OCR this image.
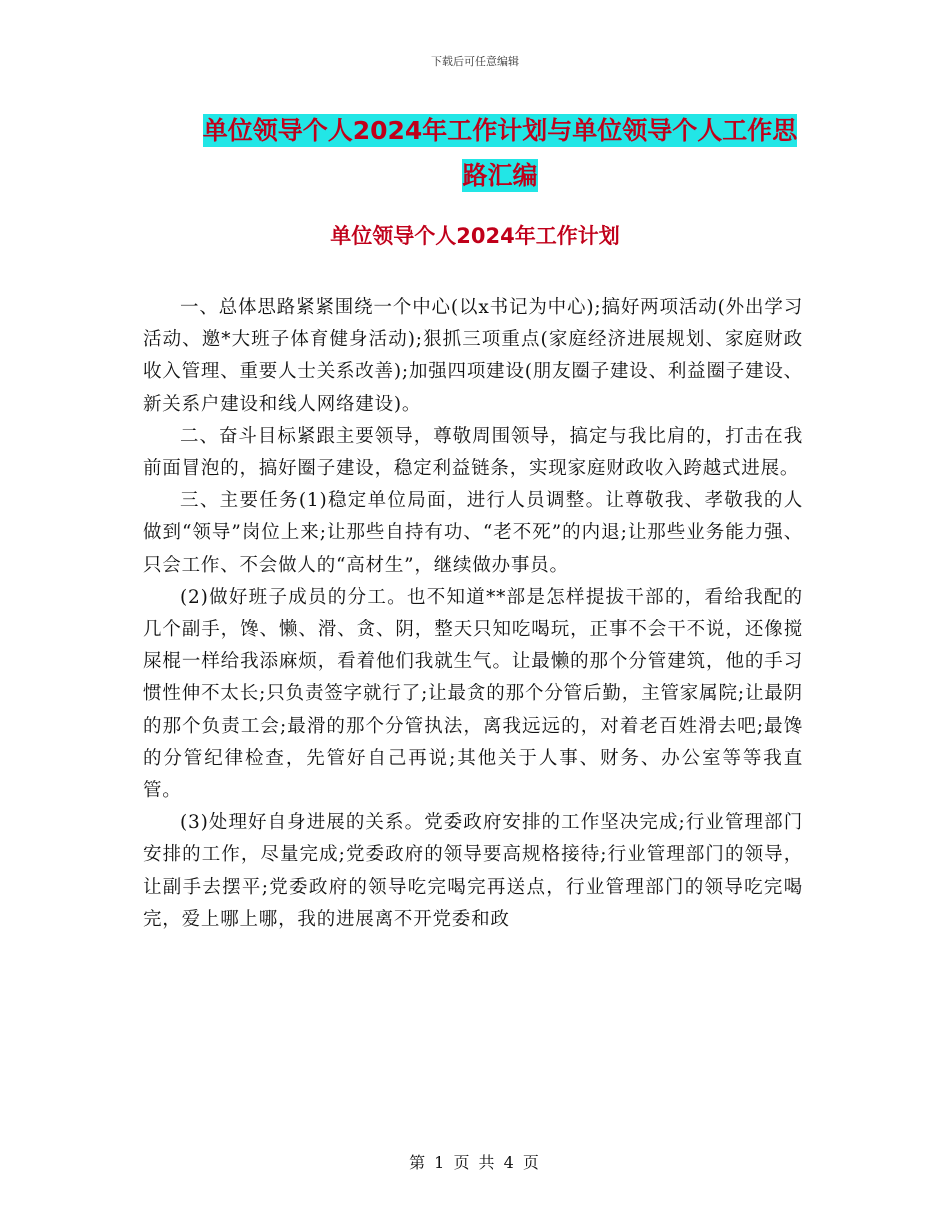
下载后可任意编辑
单位领导个人2024年工作计划与单位领导个人工作思
路汇编
单位领导个人2024年工作计划

一、总体思路紧紧围绕一个中心(以x书记为中心);搞好两项活动(外出学习活动、邀*大班子体育健身活动);狠抓三项重点(家庭经济进展规划、家庭财政收入管理、重要人士关系改善);加强四项建设(朋友圈子建设、利益圈子建设、新关系户建设和线人网络建设)。

二、奋斗目标紧跟主要领导，尊敬周围领导，搞定与我比肩的，打击在我前面冒泡的，搞好圈子建设，稳定利益链条，实现家庭财政收入跨越式进展。

三、主要任务(1)稳定单位局面，进行人员调整。让尊敬我、孝敬我的人做到“领导”岗位上来;让那些自持有功、“老不死”的内退;让那些业务能力强、只会工作、不会做人的“高材生”，继续做办事员。

(2)做好班子成员的分工。也不知道**部是怎样提拔干部的，看给我配的几个副手，馋、懒、滑、贪、阴，整天只知吃喝玩，正事不会干不说，还像搅屎棍一样给我添麻烦，看着他们我就生气。让最懒的那个分管建筑，他的手习惯性伸不太长;只负责签字就行了;让最贪的那个分管后勤，主管家属院;让最阴的那个负责工会;最滑的那个分管执法，离我远远的，对着老百姓滑去吧;最馋的分管纪律检查，先管好自己再说;其他关于人事、财务、办公室等等我直管。

(3)处理好自身进展的关系。党委政府安排的工作坚决完成;行业管理部门安排的工作，尽量完成;党委政府的领导要高规格接待;行业管理部门的领导，让副手去摆平;党委政府的领导吃完喝完再送点，行业管理部门的领导吃完喝完，爱上哪上哪，我的进展离不开党委和政

第 1 页 共 4 页
